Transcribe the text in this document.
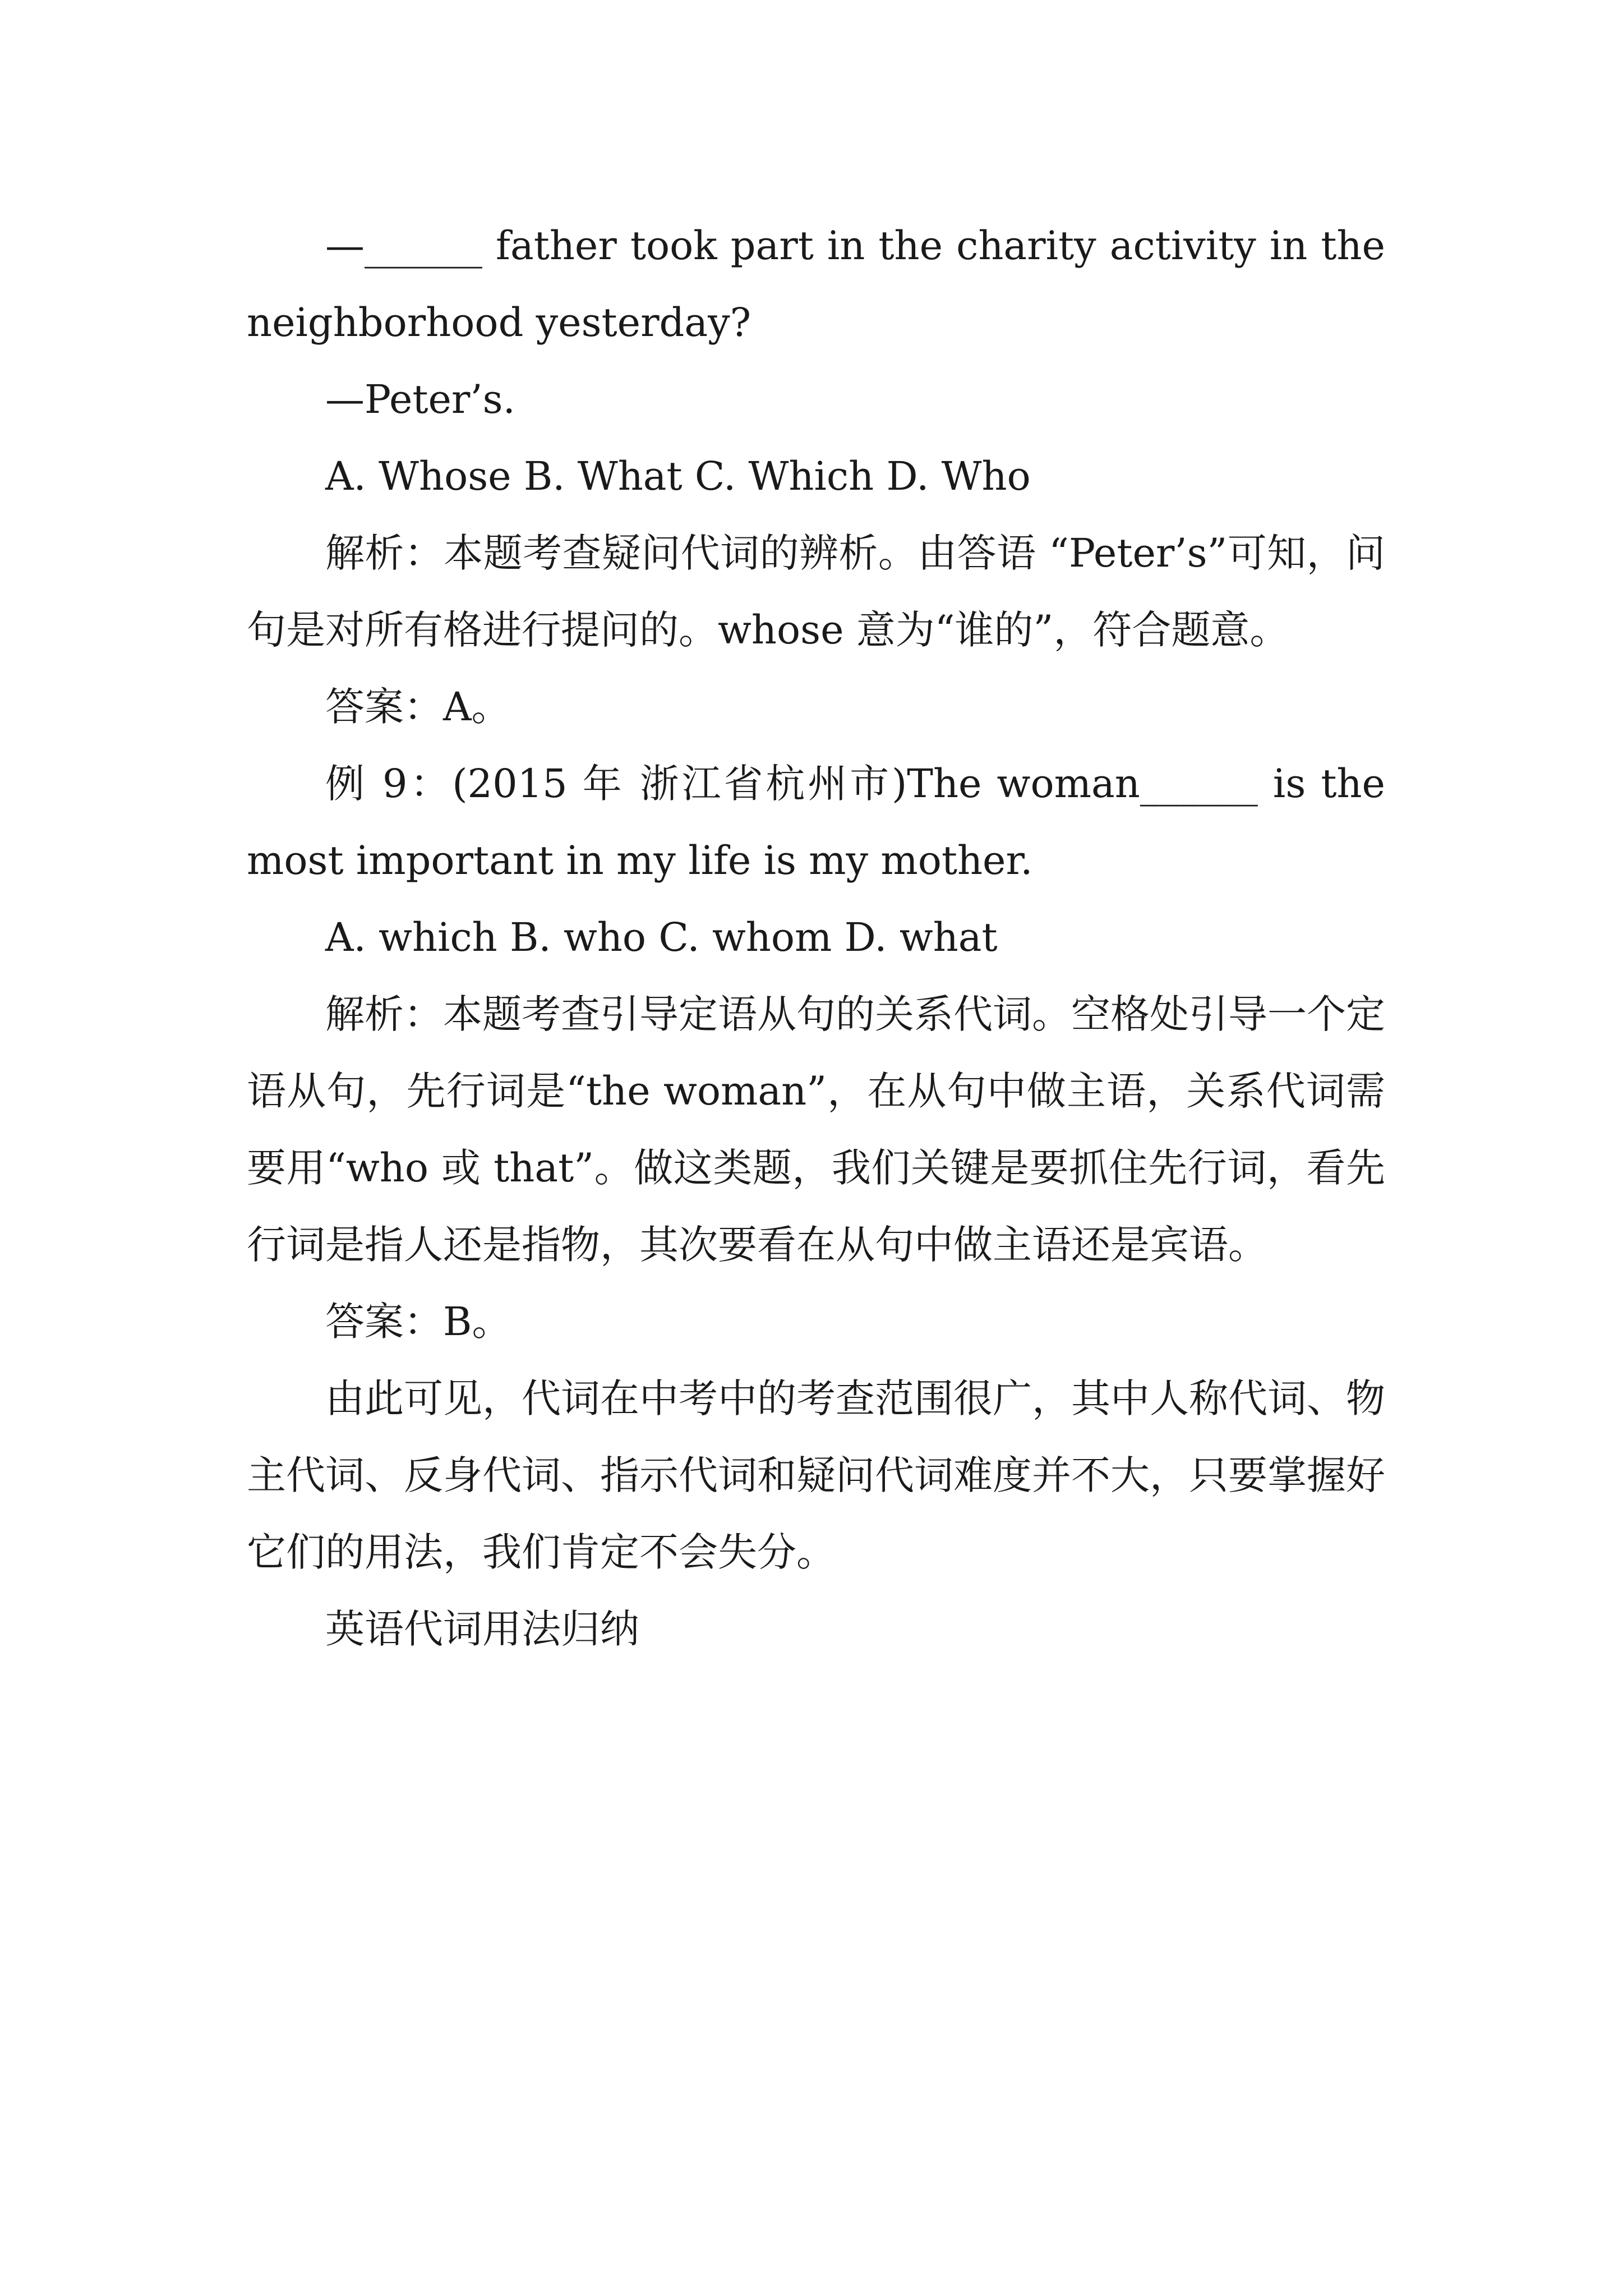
—______ father took part in the charity activity in the neighborhood yesterday?

—Peter’s.

A. Whose B. What C. Which D. Who

解析：本题考查疑问代词的辨析。由答语 “Peter’s”可知，问句是对所有格进行提问的。whose 意为“谁的”，符合题意。

答案：A。

例 9：(2015 年 浙江省杭州市)The woman______ is the most important in my life is my mother.

A. which B. who C. whom D. what

解析：本题考查引导定语从句的关系代词。空格处引导一个定语从句，先行词是“the woman”，在从句中做主语，关系代词需要用“who 或 that”。做这类题，我们关键是要抓住先行词，看先行词是指人还是指物，其次要看在从句中做主语还是宾语。

答案：B。

由此可见，代词在中考中的考查范围很广，其中人称代词、物主代词、反身代词、指示代词和疑问代词难度并不大，只要掌握好它们的用法，我们肯定不会失分。

英语代词用法归纳
